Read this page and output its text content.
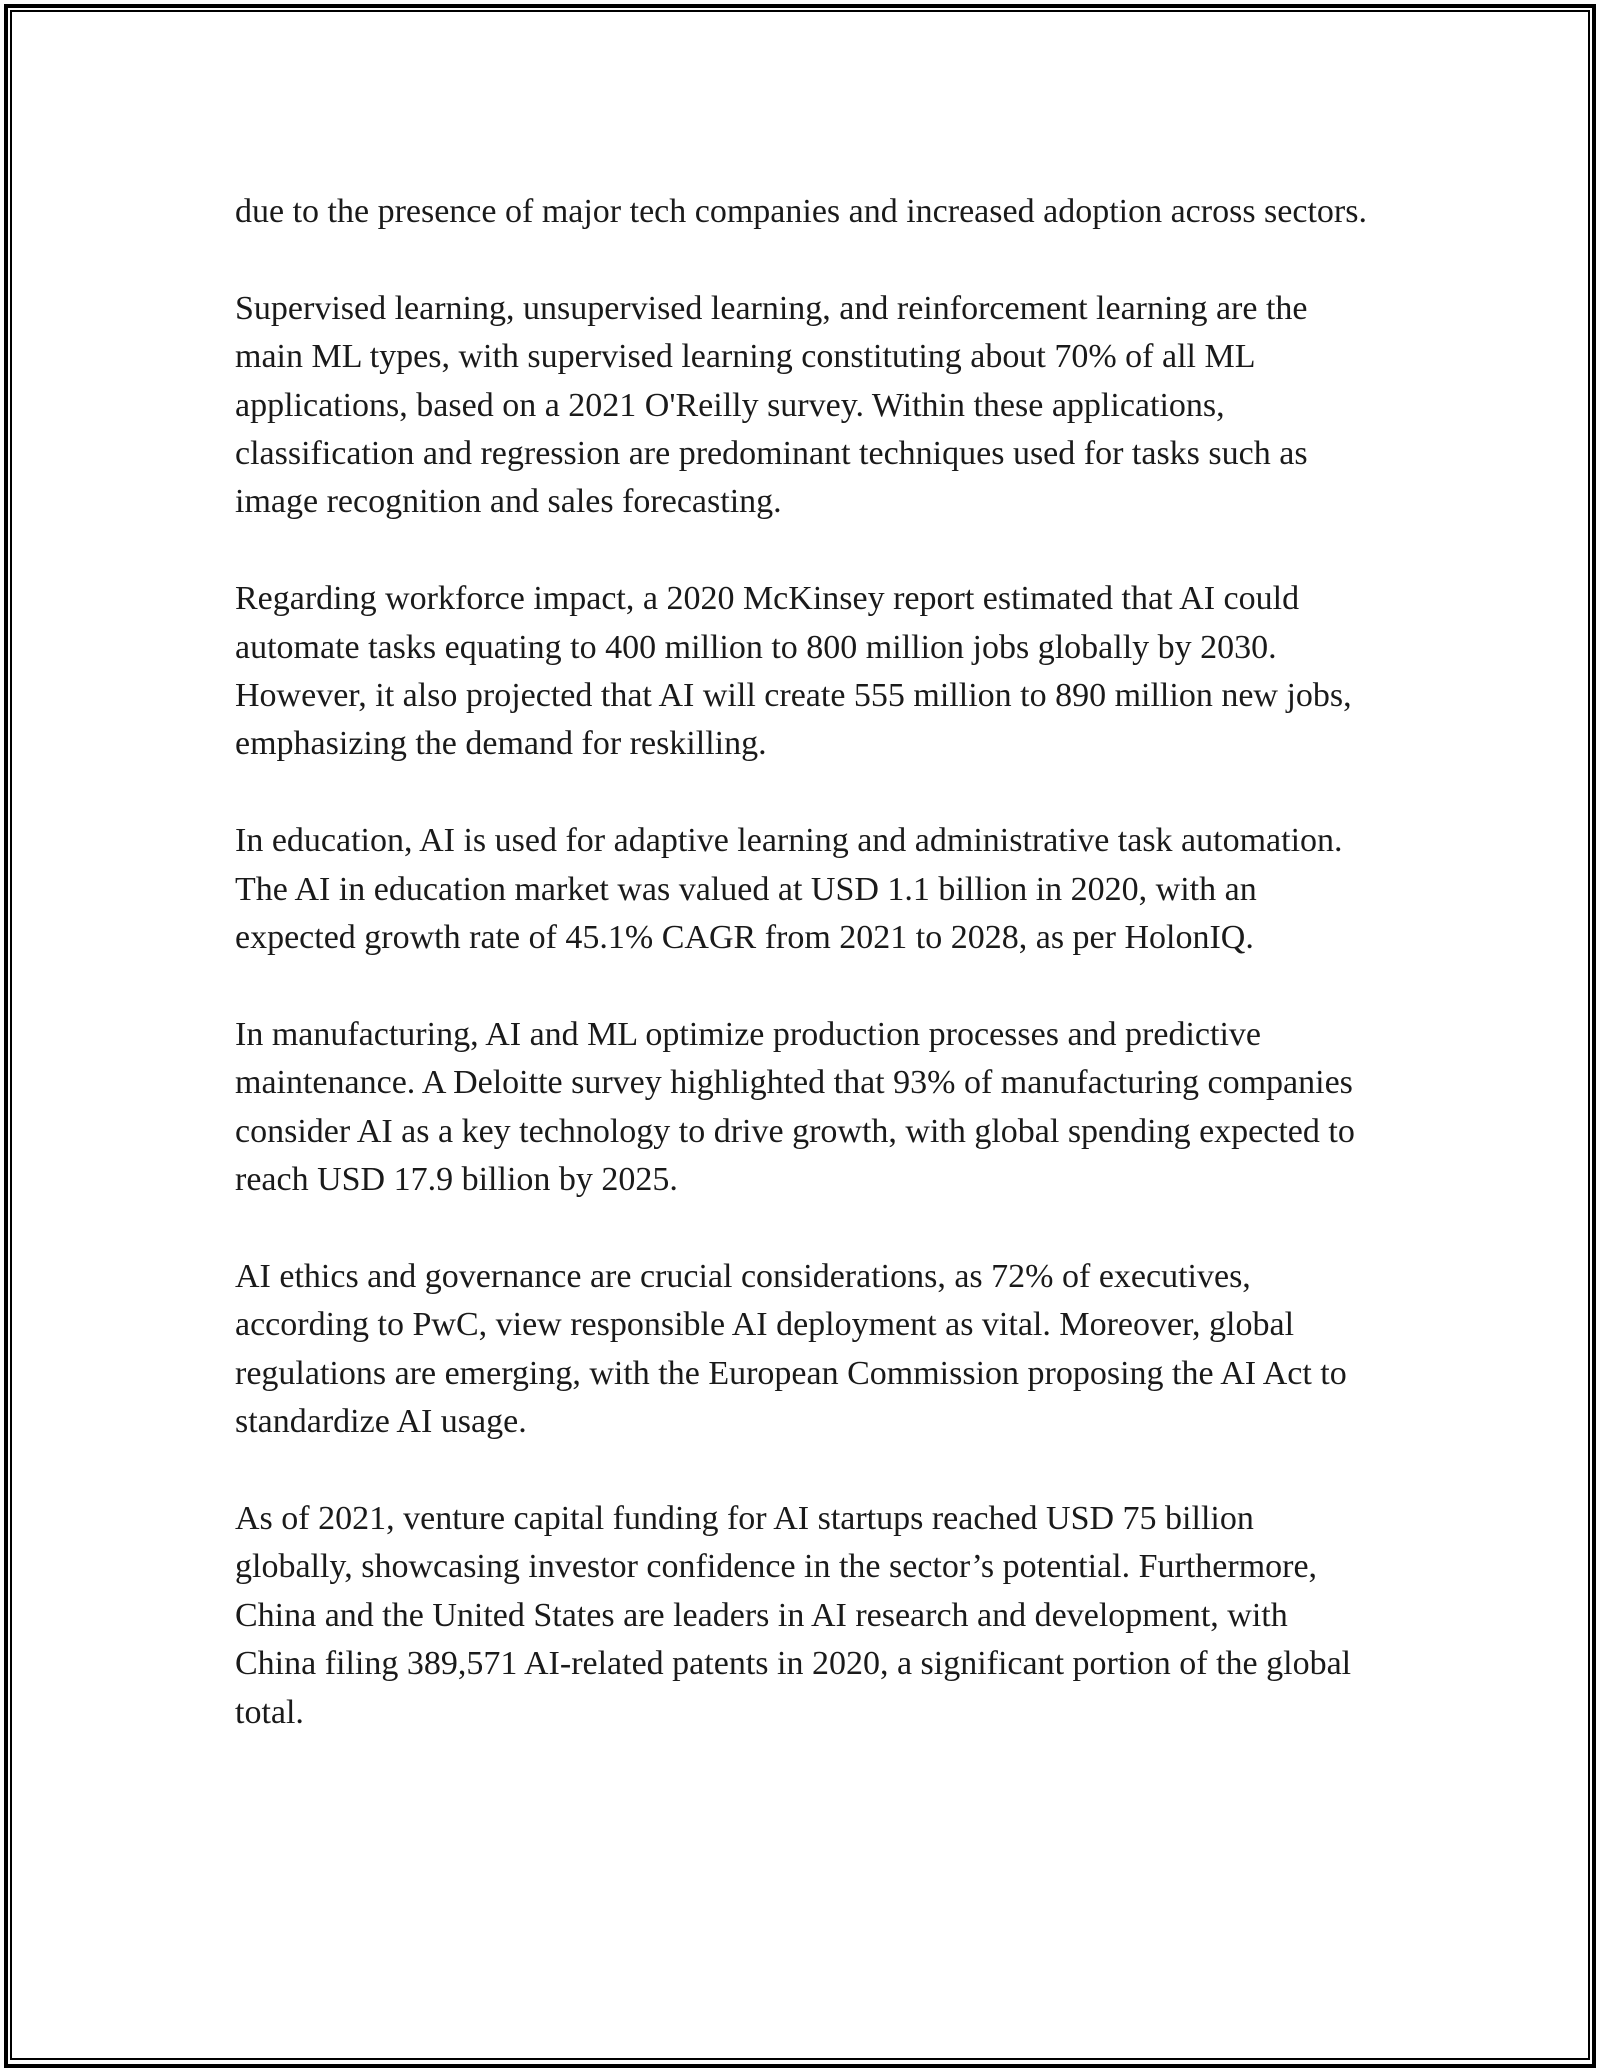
due to the presence of major tech companies and increased adoption across sectors.

Supervised learning, unsupervised learning, and reinforcement learning are the main ML types, with supervised learning constituting about 70% of all ML applications, based on a 2021 O'Reilly survey. Within these applications, classification and regression are predominant techniques used for tasks such as image recognition and sales forecasting.

Regarding workforce impact, a 2020 McKinsey report estimated that AI could automate tasks equating to 400 million to 800 million jobs globally by 2030. However, it also projected that AI will create 555 million to 890 million new jobs, emphasizing the demand for reskilling.

In education, AI is used for adaptive learning and administrative task automation. The AI in education market was valued at USD 1.1 billion in 2020, with an expected growth rate of 45.1% CAGR from 2021 to 2028, as per HolonIQ.

In manufacturing, AI and ML optimize production processes and predictive maintenance. A Deloitte survey highlighted that 93% of manufacturing companies consider AI as a key technology to drive growth, with global spending expected to reach USD 17.9 billion by 2025.

AI ethics and governance are crucial considerations, as 72% of executives, according to PwC, view responsible AI deployment as vital. Moreover, global regulations are emerging, with the European Commission proposing the AI Act to standardize AI usage.

As of 2021, venture capital funding for AI startups reached USD 75 billion globally, showcasing investor confidence in the sector’s potential. Furthermore, China and the United States are leaders in AI research and development, with China filing 389,571 AI-related patents in 2020, a significant portion of the global total.
